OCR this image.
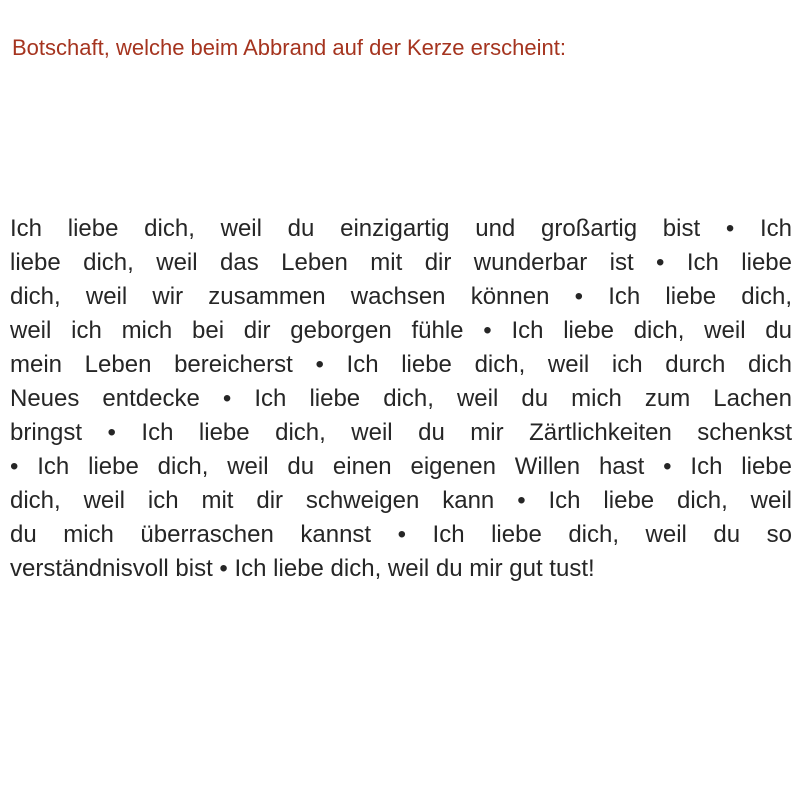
Botschaft, welche beim Abbrand auf der Kerze erscheint:
Ich liebe dich, weil du einzigartig und großartig bist • Ich
liebe dich, weil das Leben mit dir wunderbar ist • Ich liebe
dich, weil wir zusammen wachsen können • Ich liebe dich,
weil ich mich bei dir geborgen fühle • Ich liebe dich, weil du
mein Leben bereicherst • Ich liebe dich, weil ich durch dich
Neues entdecke • Ich liebe dich, weil du mich zum Lachen
bringst • Ich liebe dich, weil du mir Zärtlichkeiten schenkst
• Ich liebe dich, weil du einen eigenen Willen hast • Ich liebe
dich, weil ich mit dir schweigen kann • Ich liebe dich, weil
du mich überraschen kannst • Ich liebe dich, weil du so
verständnisvoll bist • Ich liebe dich, weil du mir gut tust!
